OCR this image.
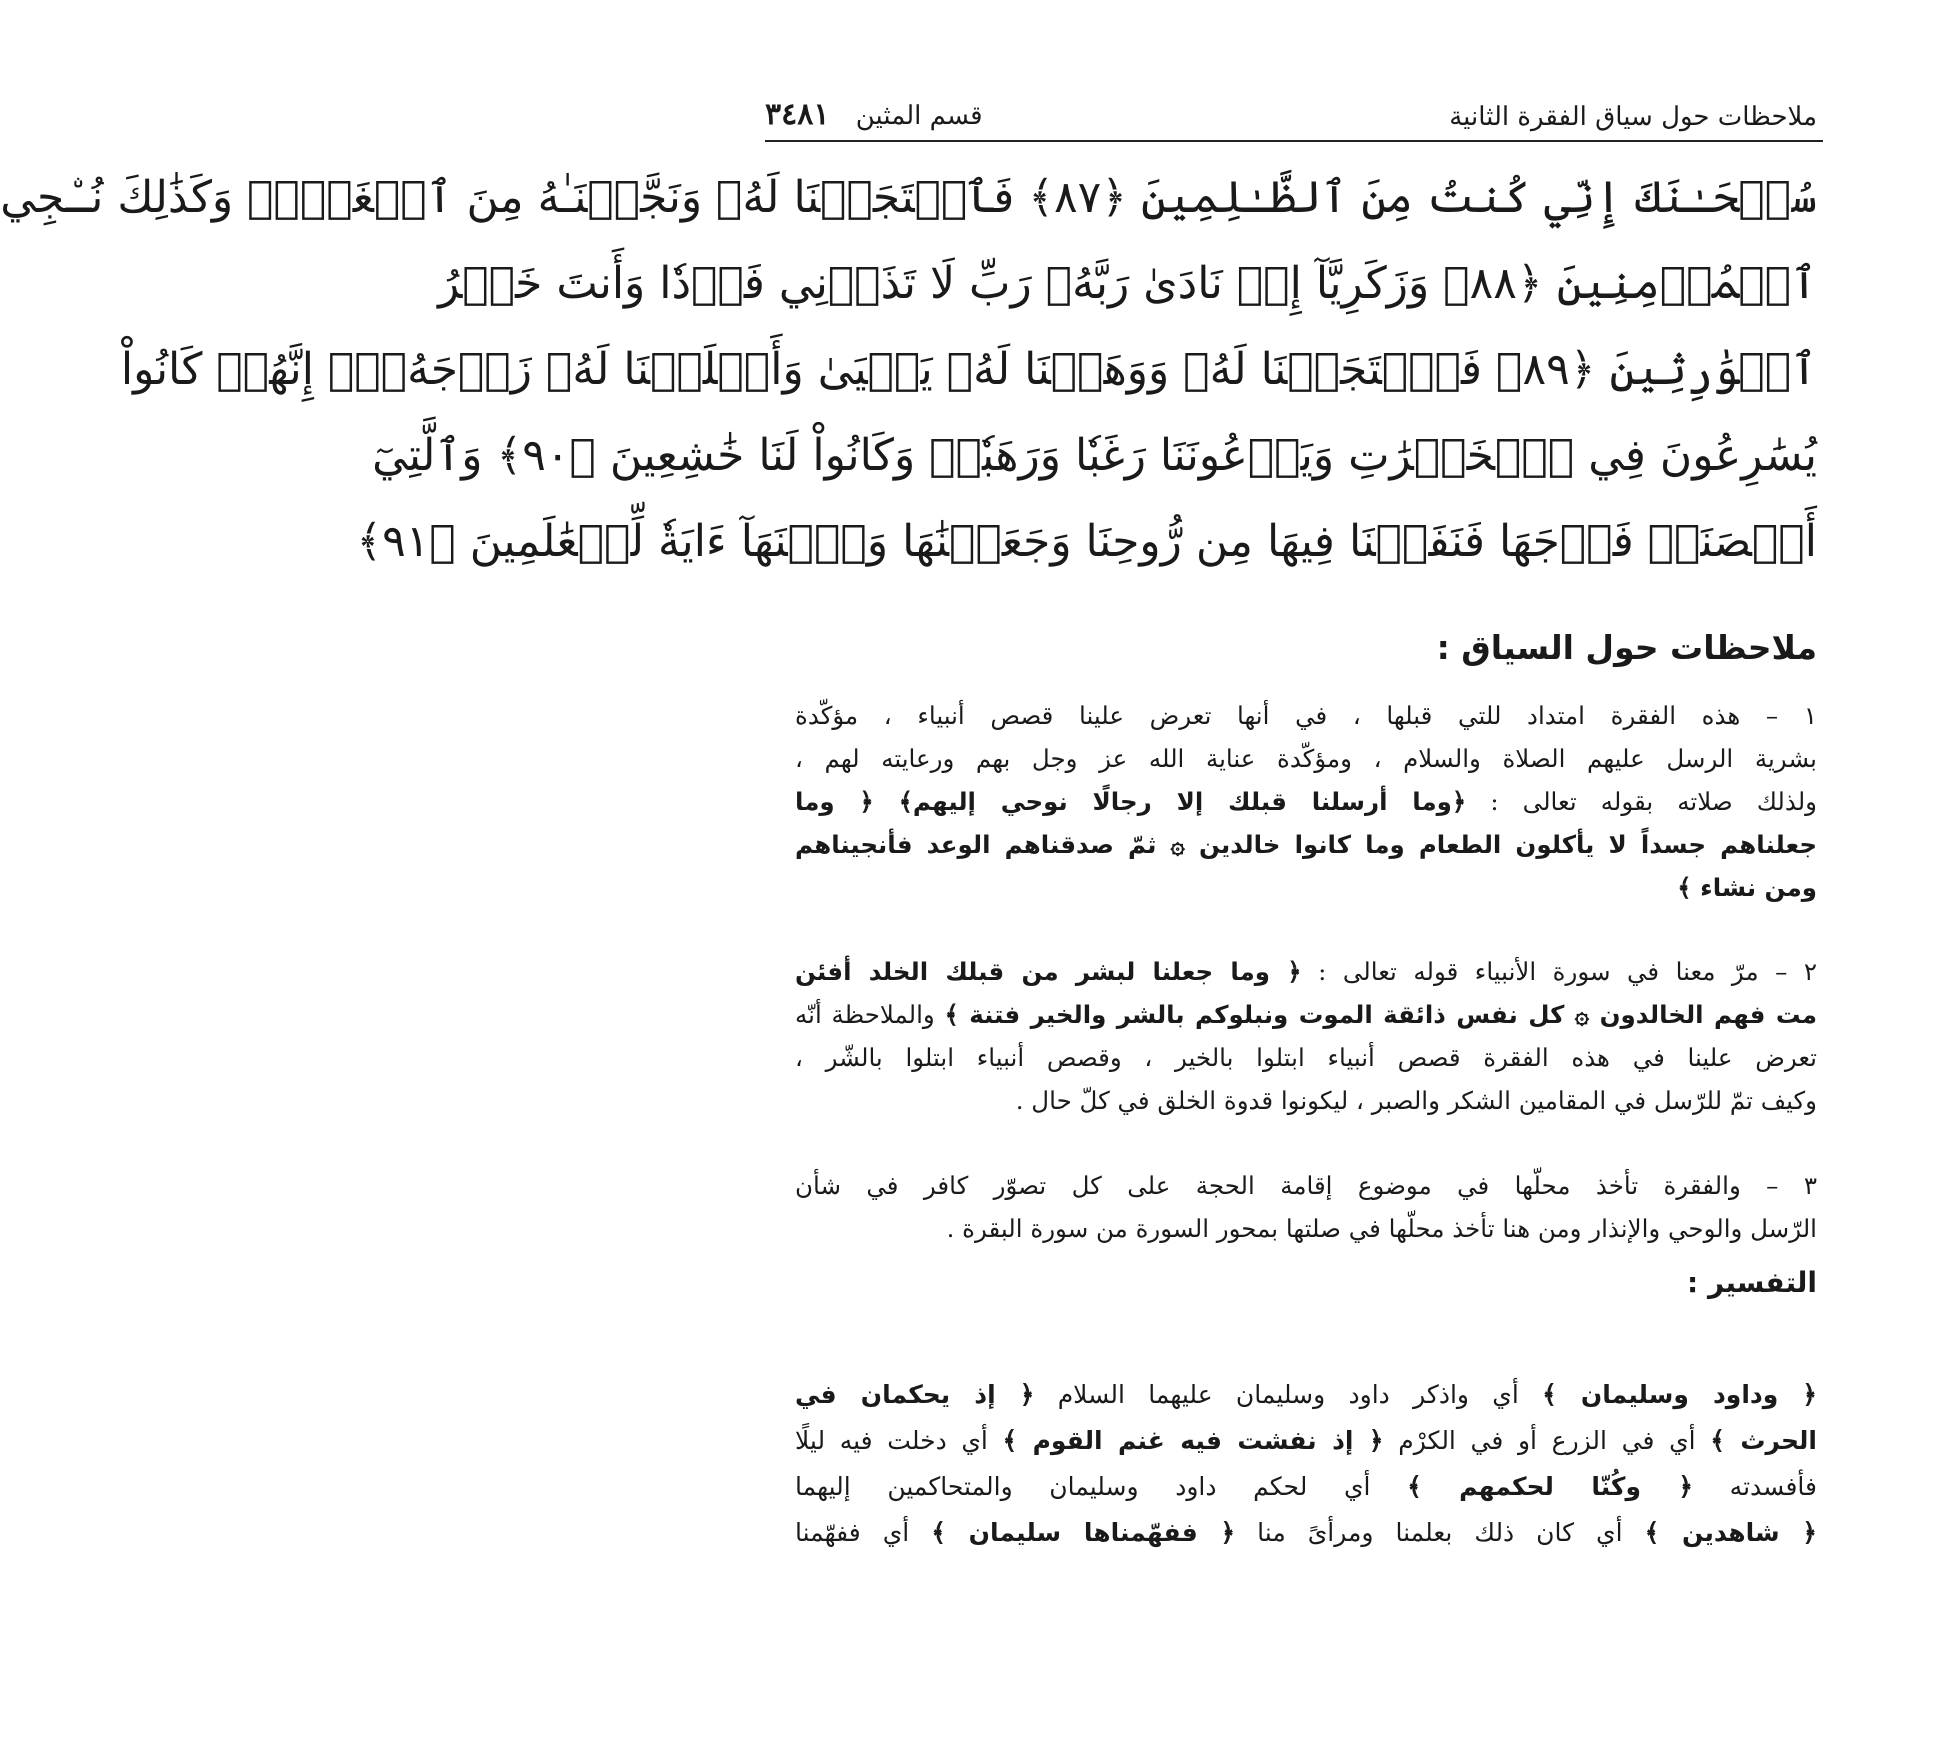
ملاحظات حول سياق الفقرة الثانية
قسم المثين ٣٤٨١
سُبۡحَـٰنَكَ إِنِّي كُنتُ مِنَ ٱلظَّـٰلِمِينَ ﴿٨٧﴾ فَٱسۡتَجَبۡنَا لَهُۥ وَنَجَّيۡنَـٰهُ مِنَ ٱلۡغَمِّۚ وَكَذَٰلِكَ نُـۨجِي
ٱلۡمُؤۡمِنِينَ ﴿٨٨﴾ وَزَكَرِيَّآ إِذۡ نَادَىٰ رَبَّهُۥ رَبِّ لَا تَذَرۡنِي فَرۡدٗا وَأَنتَ خَيۡرُ
ٱلۡوَٰرِثِينَ ﴿٨٩﴾ فَٱسۡتَجَبۡنَا لَهُۥ وَوَهَبۡنَا لَهُۥ يَحۡيَىٰ وَأَصۡلَحۡنَا لَهُۥ زَوۡجَهُۥٓۚ إِنَّهُمۡ كَانُواْ
يُسَٰرِعُونَ فِي ٱلۡخَيۡرَٰتِ وَيَدۡعُونَنَا رَغَبٗا وَرَهَبٗاۖ وَكَانُواْ لَنَا خَٰشِعِينَ ﴿٩٠﴾ وَٱلَّتِيٓ
أَحۡصَنَتۡ فَرۡجَهَا فَنَفَخۡنَا فِيهَا مِن رُّوحِنَا وَجَعَلۡنَٰهَا وَٱبۡنَهَآ ءَايَةٗ لِّلۡعَٰلَمِينَ ﴿٩١﴾
ملاحظات حول السياق :
١ – هذه الفقرة امتداد للتي قبلها ، في أنها تعرض علينا قصص أنبياء ، مؤكّدة
بشرية الرسل عليهم الصلاة والسلام ، ومؤكّدة عناية الله عز وجل بهم ورعايته لهم ،
ولذلك صلاته بقوله تعالى : ﴿وما أرسلنا قبلك إلا رجالًا نوحي إليهم﴾ ﴿ وما
جعلناهم جسداً لا يأكلون الطعام وما كانوا خالدين ۞ ثمّ صدقناهم الوعد فأنجيناهم
ومن نشاء ﴾
٢ – مرّ معنا في سورة الأنبياء قوله تعالى : ﴿ وما جعلنا لبشر من قبلك الخلد أفئن
مت فهم الخالدون ۞ كل نفس ذائقة الموت ونبلوكم بالشر والخير فتنة ﴾ والملاحظة أنّه
تعرض علينا في هذه الفقرة قصص أنبياء ابتلوا بالخير ، وقصص أنبياء ابتلوا بالشّر ،
وكيف تمّ للرّسل في المقامين الشكر والصبر ، ليكونوا قدوة الخلق في كلّ حال .
٣ – والفقرة تأخذ محلّها في موضوع إقامة الحجة على كل تصوّر كافر في شأن
الرّسل والوحي والإنذار ومن هنا تأخذ محلّها في صلتها بمحور السورة من سورة البقرة .
التفسير :
﴿ وداود وسليمان ﴾ أي واذكر داود وسليمان عليهما السلام ﴿ إذ يحكمان في
الحرث ﴾ أي في الزرع أو في الكرْم ﴿ إذ نفشت فيه غنم القوم ﴾ أي دخلت فيه ليلًا
فأفسدته ﴿ وكُنّا لحكمهم ﴾ أي لحكم داود وسليمان والمتحاكمين إليهما
﴿ شاهدين ﴾ أي كان ذلك بعلمنا ومرأىً منا ﴿ ففهّمناها سليمان ﴾ أي ففهّمنا
